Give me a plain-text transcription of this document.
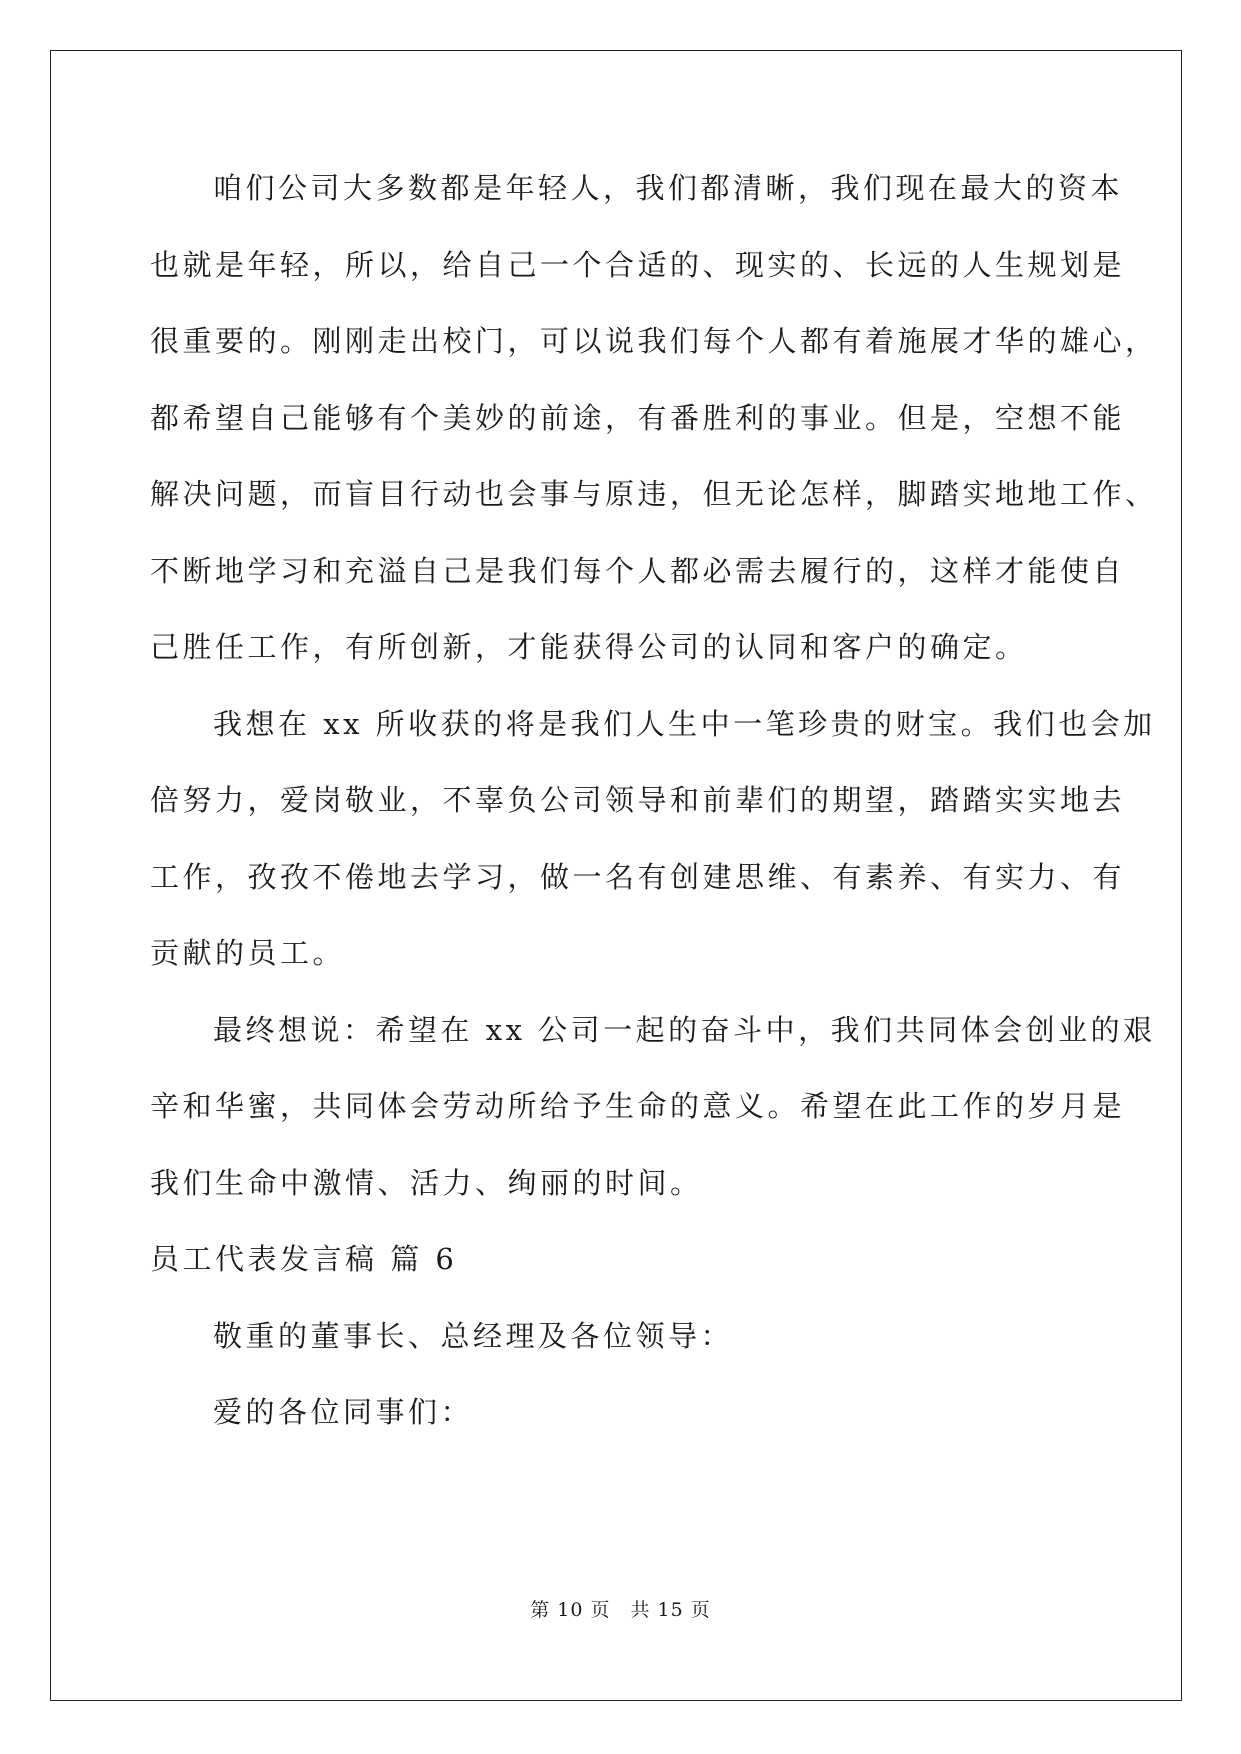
咱们公司大多数都是年轻人，我们都清晰，我们现在最大的资本
也就是年轻，所以，给自己一个合适的、现实的、长远的人生规划是
很重要的。刚刚走出校门，可以说我们每个人都有着施展才华的雄心，
都希望自己能够有个美妙的前途，有番胜利的事业。但是，空想不能
解决问题，而盲目行动也会事与原违，但无论怎样，脚踏实地地工作、
不断地学习和充溢自己是我们每个人都必需去履行的，这样才能使自
己胜任工作，有所创新，才能获得公司的认同和客户的确定。
我想在 xx 所收获的将是我们人生中一笔珍贵的财宝。我们也会加
倍努力，爱岗敬业，不辜负公司领导和前辈们的期望，踏踏实实地去
工作，孜孜不倦地去学习，做一名有创建思维、有素养、有实力、有
贡献的员工。
最终想说：希望在 xx 公司一起的奋斗中，我们共同体会创业的艰
辛和华蜜，共同体会劳动所给予生命的意义。希望在此工作的岁月是
我们生命中激情、活力、绚丽的时间。
员工代表发言稿 篇 6
敬重的董事长、总经理及各位领导：
爱的各位同事们：
第 10 页 共 15 页
